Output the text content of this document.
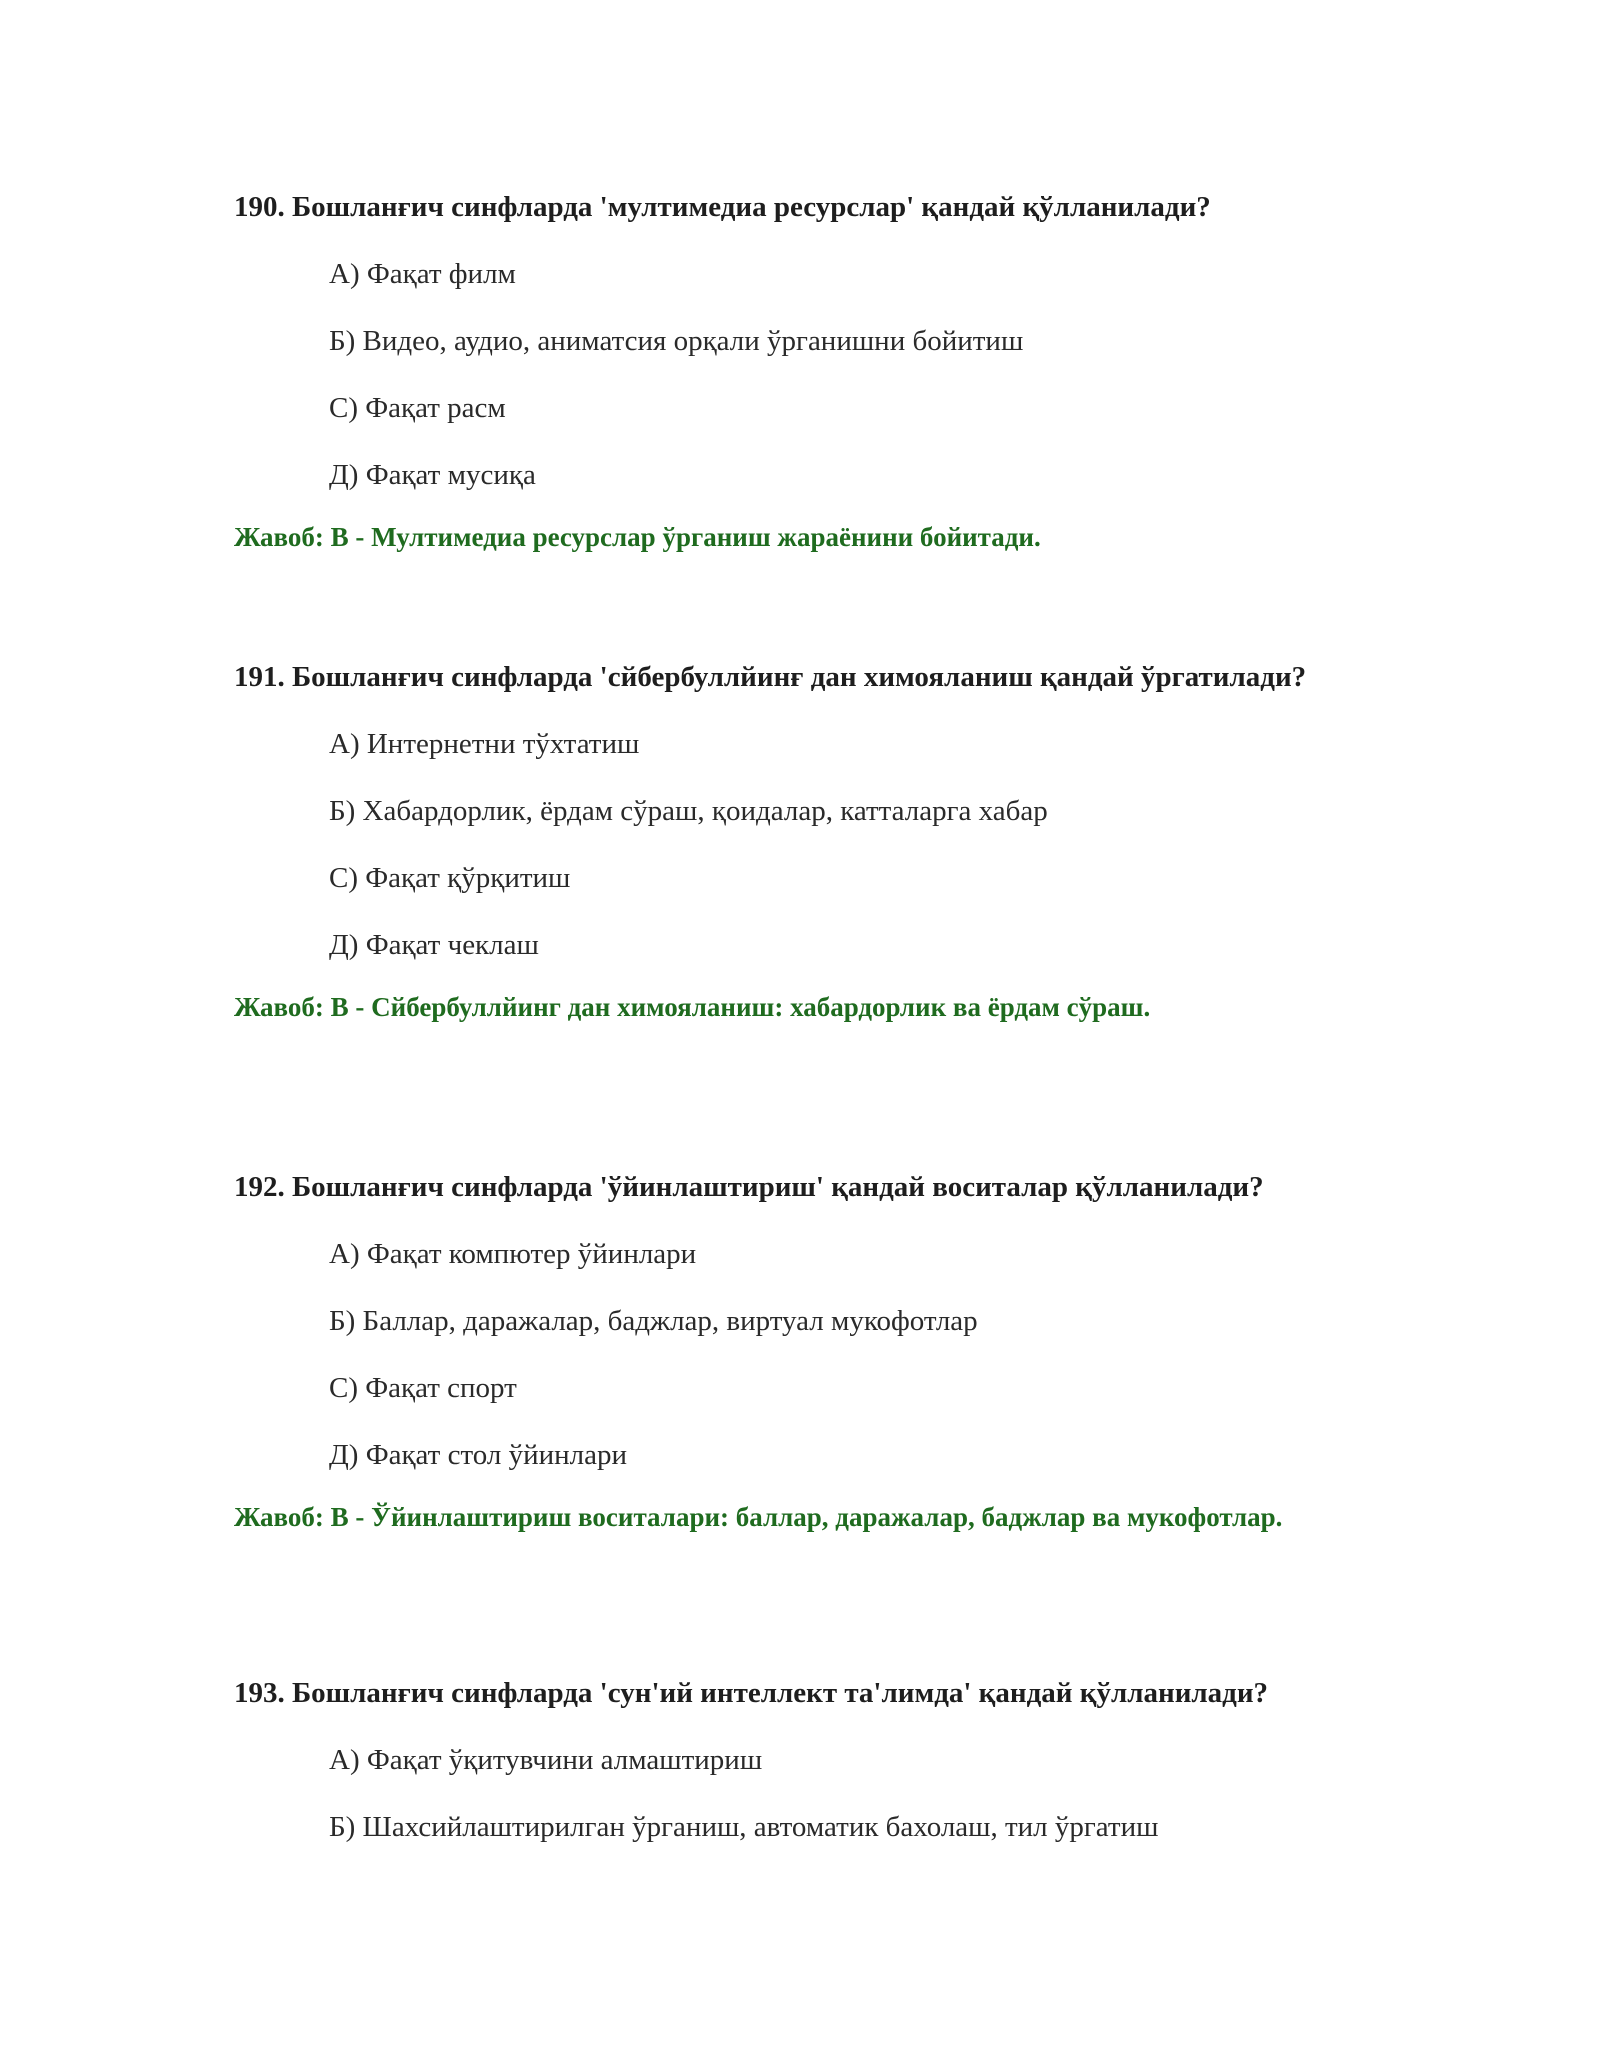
190. Бошланғич синфларда 'мултимедиа ресурслар' қандай қўлланилади?

А) Фақат филм
Б) Видео, аудио, аниматсия орқали ўрганишни бойитиш
С) Фақат расм
Д) Фақат мусиқа

Жавоб: B - Мултимедиа ресурслар ўрганиш жараёнини бойитади.

191. Бошланғич синфларда 'сйбербуллйинғ дан химояланиш қандай ўргатилади?

А) Интернетни тўхтатиш
Б) Хабардорлик, ёрдам сўраш, қоидалар, катталарга хабар
С) Фақат қўрқитиш
Д) Фақат чеклаш

Жавоб: B - Сйбербуллйинг дан химояланиш: хабардорлик ва ёрдам сўраш.

192. Бошланғич синфларда 'ўйинлаштириш' қандай воситалар қўлланилади?

А) Фақат компютер ўйинлари
Б) Баллар, даражалар, баджлар, виртуал мукофотлар
С) Фақат спорт
Д) Фақат стол ўйинлари

Жавоб: B - Ўйинлаштириш воситалари: баллар, даражалар, баджлар ва мукофотлар.

193. Бошланғич синфларда 'сун'ий интеллект та'лимда' қандай қўлланилади?

А) Фақат ўқитувчини алмаштириш
Б) Шахсийлаштирилган ўрганиш, автоматик бахолаш, тил ўргатиш
